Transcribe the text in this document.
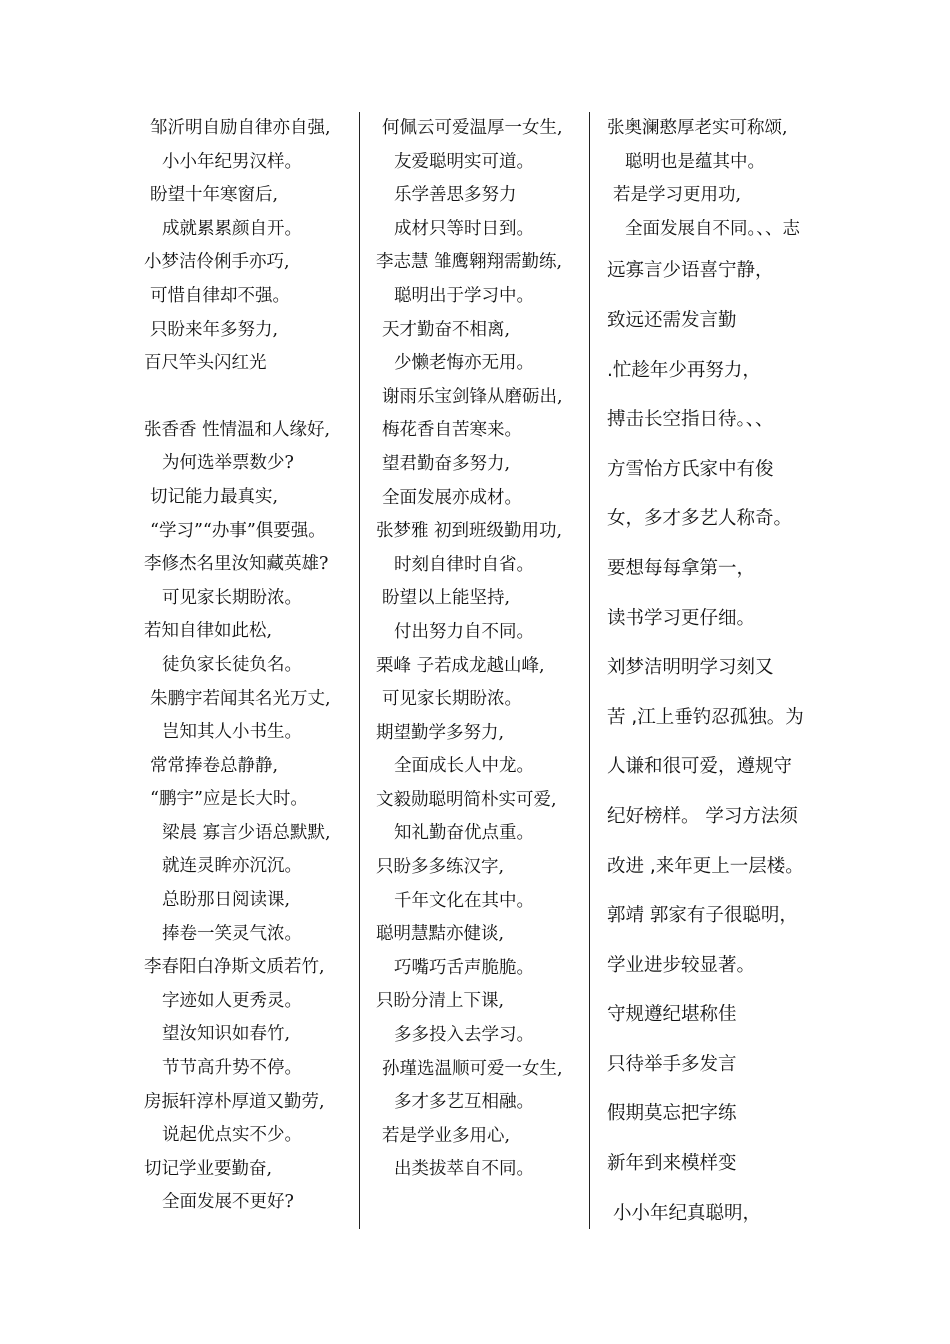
邹沂明自励自律亦自强,
小小年纪男汉样。
盼望十年寒窗后,
成就累累颜自开。
小梦洁伶俐手亦巧,
可惜自律却不强。
只盼来年多努力,
百尺竿头闪红光
张香香 性情温和人缘好,
为何选举票数少?
切记能力最真实,
“学习”“办事”俱要强。
李修杰名里汝知藏英雄?
可见家长期盼浓。
若知自律如此松,
徒负家长徒负名。
朱鹏宇若闻其名光万丈,
岂知其人小书生。
常常捧卷总静静,
“鹏宇”应是长大时。
梁晨 寡言少语总默默,
就连灵眸亦沉沉。
总盼那日阅读课,
捧卷一笑灵气浓。
李春阳白净斯文质若竹,
字迹如人更秀灵。
望汝知识如春竹,
节节高升势不停。
房振轩淳朴厚道又勤劳,
说起优点实不少。
切记学业要勤奋,
全面发展不更好?
何佩云可爱温厚一女生,
友爱聪明实可道。
乐学善思多努力
成材只等时日到。
李志慧 雏鹰翱翔需勤练,
聪明出于学习中。
天才勤奋不相离,
少懒老悔亦无用。
谢雨乐宝剑锋从磨砺出,
梅花香自苦寒来。
望君勤奋多努力,
全面发展亦成材。
张梦雅 初到班级勤用功,
时刻自律时自省。
盼望以上能坚持,
付出努力自不同。
栗峰 子若成龙越山峰,
可见家长期盼浓。
期望勤学多努力,
全面成长人中龙。
文毅勋聪明简朴实可爱,
知礼勤奋优点重。
只盼多多练汉字,
千年文化在其中。
聪明慧黠亦健谈,
巧嘴巧舌声脆脆。
只盼分清上下课,
多多投入去学习。
孙瑾选温顺可爱一女生,
多才多艺互相融。
若是学业多用心,
出类拔萃自不同。
张奥澜憨厚老实可称颂,
聪明也是蕴其中。
若是学习更用功,
全面发展自不同。、、志
远寡言少语喜宁静，
致远还需发言勤
.忙趁年少再努力，
搏击长空指日待。、、
方雪怡方氏家中有俊
女，多才多艺人称奇。
要想每每拿第一，
读书学习更仔细。
刘梦洁明明学习刻又
苦 ,江上垂钓忍孤独。为
人谦和很可爱，遵规守
纪好榜样。 学习方法须
改进 ,来年更上一层楼。
郭靖 郭家有子很聪明，
学业进步较显著。
守规遵纪堪称佳
只待举手多发言
假期莫忘把字练
新年到来模样变
小小年纪真聪明，
